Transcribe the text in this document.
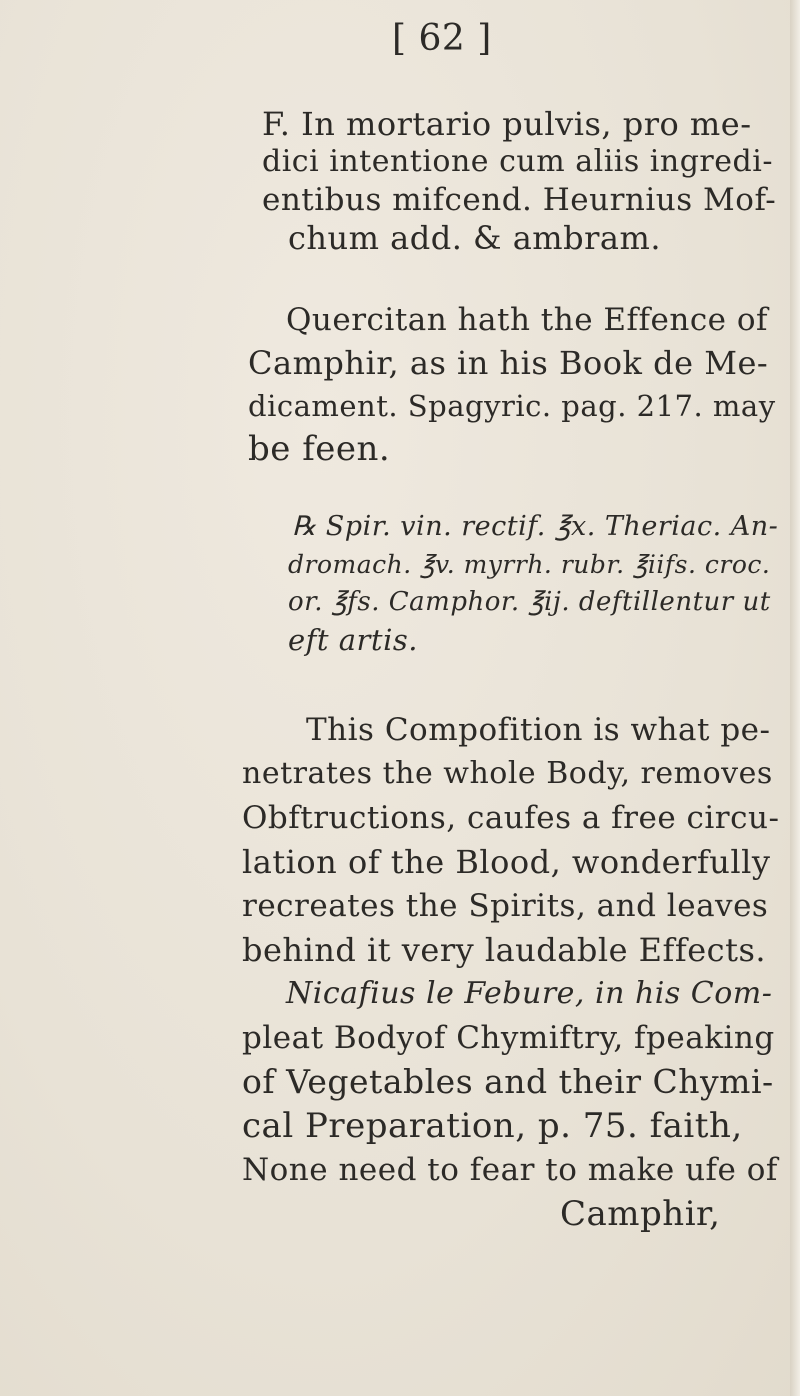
[ 62 ]
F. In mortario pulvis, pro me-
dici intentione cum aliis ingredi-
entibus mifcend. Heurnius Mof-
chum add. & ambram.
Quercitan hath the Effence of
Camphir, as in his Book de Me-
dicament. Spagyric. pag. 217. may
be feen.
℞ Spir. vin. rectif. ℥x. Theriac. An-
dromach. ℥v. myrrh. rubr. ℥iifs. croc.
or. ℥fs. Camphor. ℥ij. deftillentur ut
eft artis.
This Compofition is what pe-
netrates the whole Body, removes
Obftructions, caufes a free circu-
lation of the Blood, wonderfully
recreates the Spirits, and leaves
behind it very laudable Effects.
Nicafius le Febure, in his Com-
pleat Bodyof Chymiftry, fpeaking
of Vegetables and their Chymi-
cal Preparation, p. 75. faith,
None need to fear to make ufe of
Camphir,
